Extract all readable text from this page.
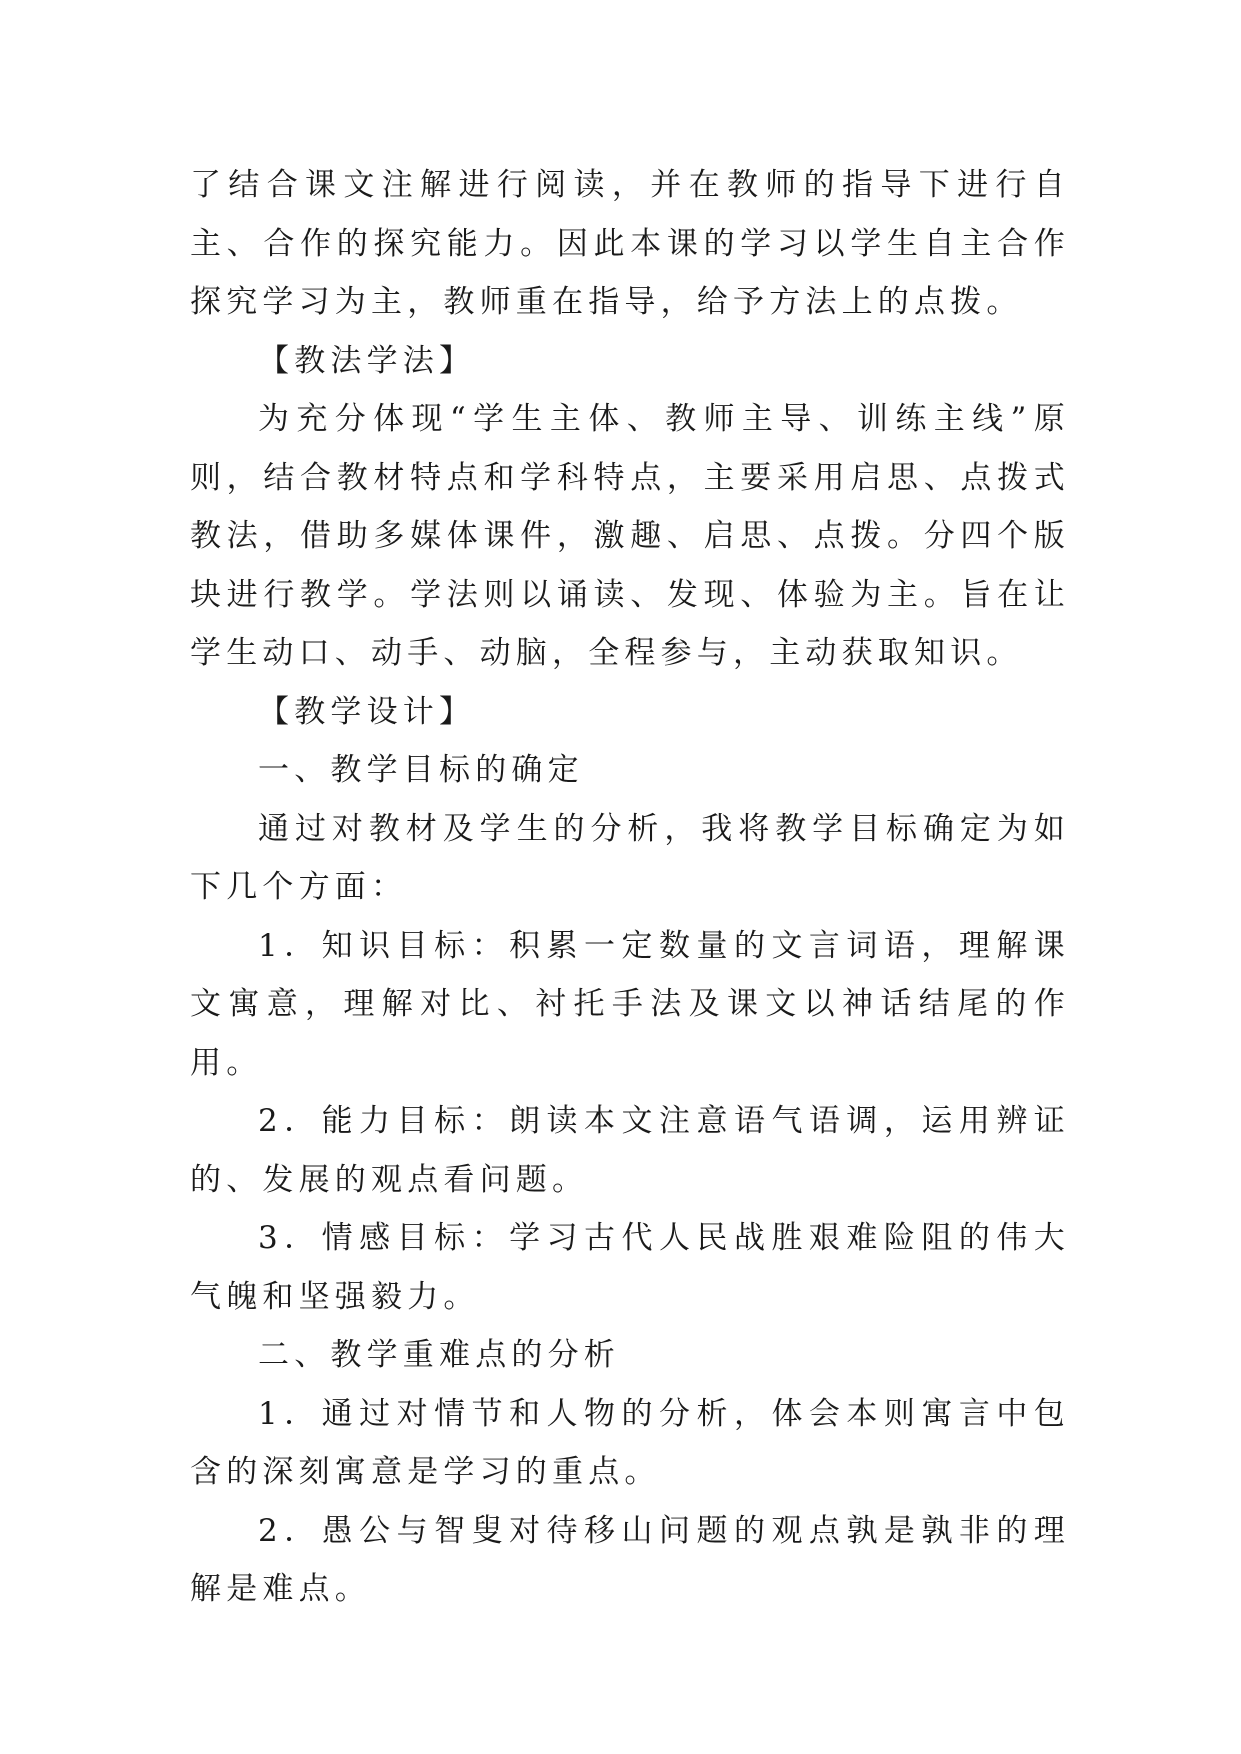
了结合课文注解进行阅读，并在教师的指导下进行自主、合作的探究能力。因此本课的学习以学生自主合作探究学习为主，教师重在指导，给予方法上的点拨。

【教法学法】

为充分体现“学生主体、教师主导、训练主线”原则，结合教材特点和学科特点，主要采用启思、点拨式教法，借助多媒体课件，激趣、启思、点拨。分四个版块进行教学。学法则以诵读、发现、体验为主。旨在让学生动口、动手、动脑，全程参与，主动获取知识。

【教学设计】

一、教学目标的确定

通过对教材及学生的分析，我将教学目标确定为如下几个方面：

1．知识目标：积累一定数量的文言词语，理解课文寓意，理解对比、衬托手法及课文以神话结尾的作用。

2．能力目标：朗读本文注意语气语调，运用辨证的、发展的观点看问题。

3．情感目标：学习古代人民战胜艰难险阻的伟大气魄和坚强毅力。

二、教学重难点的分析

1．通过对情节和人物的分析，体会本则寓言中包含的深刻寓意是学习的重点。

2．愚公与智叟对待移山问题的观点孰是孰非的理解是难点。
